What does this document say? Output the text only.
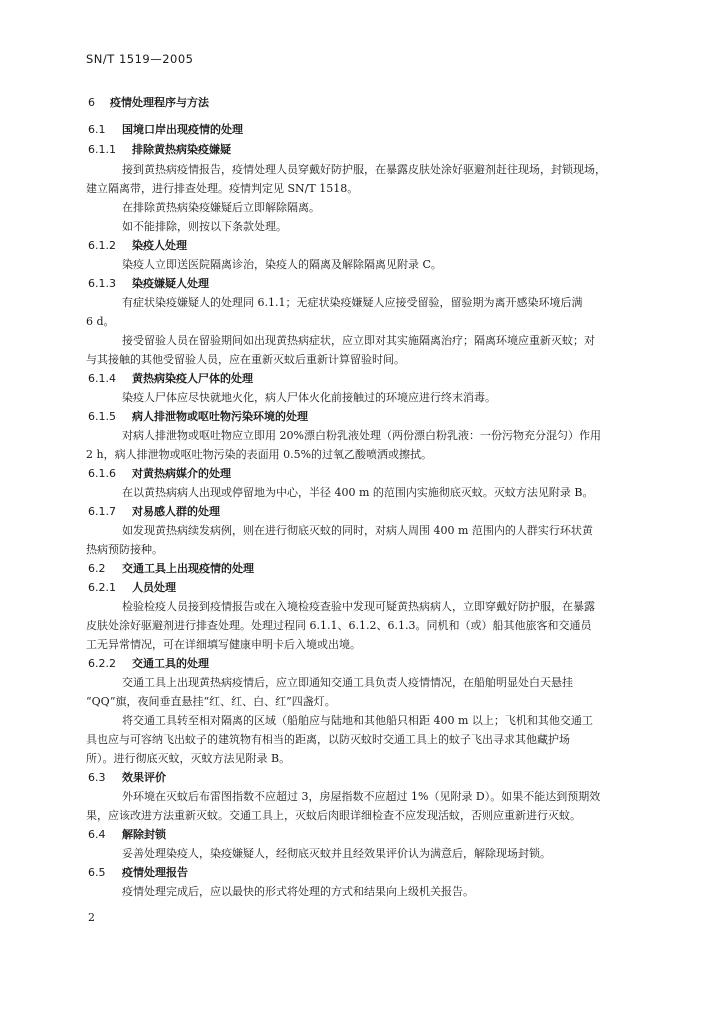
SN/T 1519—2005
6 疫情处理程序与方法
6.1 国境口岸出现疫情的处理
6.1.1 排除黄热病染疫嫌疑
接到黄热病疫情报告，疫情处理人员穿戴好防护服，在暴露皮肤处涂好驱避剂赶往现场，封锁现场，
建立隔离带，进行排查处理。疫情判定见 SN/T 1518。
在排除黄热病染疫嫌疑后立即解除隔离。
如不能排除，则按以下条款处理。
6.1.2 染疫人处理
染疫人立即送医院隔离诊治，染疫人的隔离及解除隔离见附录 C。
6.1.3 染疫嫌疑人处理
有症状染疫嫌疑人的处理同 6.1.1；无症状染疫嫌疑人应接受留验，留验期为离开感染环境后满
6 d。
接受留验人员在留验期间如出现黄热病症状，应立即对其实施隔离治疗；隔离环境应重新灭蚊；对
与其接触的其他受留验人员，应在重新灭蚊后重新计算留验时间。
6.1.4 黄热病染疫人尸体的处理
染疫人尸体应尽快就地火化，病人尸体火化前接触过的环境应进行终末消毒。
6.1.5 病人排泄物或呕吐物污染环境的处理
对病人排泄物或呕吐物应立即用 20%漂白粉乳液处理（两份漂白粉乳液：一份污物充分混匀）作用
2 h，病人排泄物或呕吐物污染的表面用 0.5%的过氧乙酸喷洒或擦拭。
6.1.6 对黄热病媒介的处理
在以黄热病病人出现或停留地为中心，半径 400 m 的范围内实施彻底灭蚊。灭蚊方法见附录 B。
6.1.7 对易感人群的处理
如发现黄热病续发病例，则在进行彻底灭蚊的同时，对病人周围 400 m 范围内的人群实行环状黄
热病预防接种。
6.2 交通工具上出现疫情的处理
6.2.1 人员处理
检验检疫人员接到疫情报告或在入境检疫查验中发现可疑黄热病病人，立即穿戴好防护服，在暴露
皮肤处涂好驱避剂进行排查处理。处理过程同 6.1.1、6.1.2、6.1.3。同机和（或）船其他旅客和交通员
工无异常情况，可在详细填写健康申明卡后入境或出境。
6.2.2 交通工具的处理
交通工具上出现黄热病疫情后，应立即通知交通工具负责人疫情情况，在船舶明显处白天悬挂
“QQ”旗，夜间垂直悬挂“红、红、白、红”四盏灯。
将交通工具转至相对隔离的区域（船舶应与陆地和其他船只相距 400 m 以上；飞机和其他交通工
具也应与可容纳飞出蚊子的建筑物有相当的距离，以防灭蚊时交通工具上的蚊子飞出寻求其他藏护场
所）。进行彻底灭蚊，灭蚊方法见附录 B。
6.3 效果评价
外环境在灭蚊后布雷图指数不应超过 3，房屋指数不应超过 1%（见附录 D）。如果不能达到预期效
果，应该改进方法重新灭蚊。交通工具上，灭蚊后肉眼详细检查不应发现活蚊，否则应重新进行灭蚊。
6.4 解除封锁
妥善处理染疫人，染疫嫌疑人，经彻底灭蚊并且经效果评价认为满意后，解除现场封锁。
6.5 疫情处理报告
疫情处理完成后，应以最快的形式将处理的方式和结果向上级机关报告。
2
